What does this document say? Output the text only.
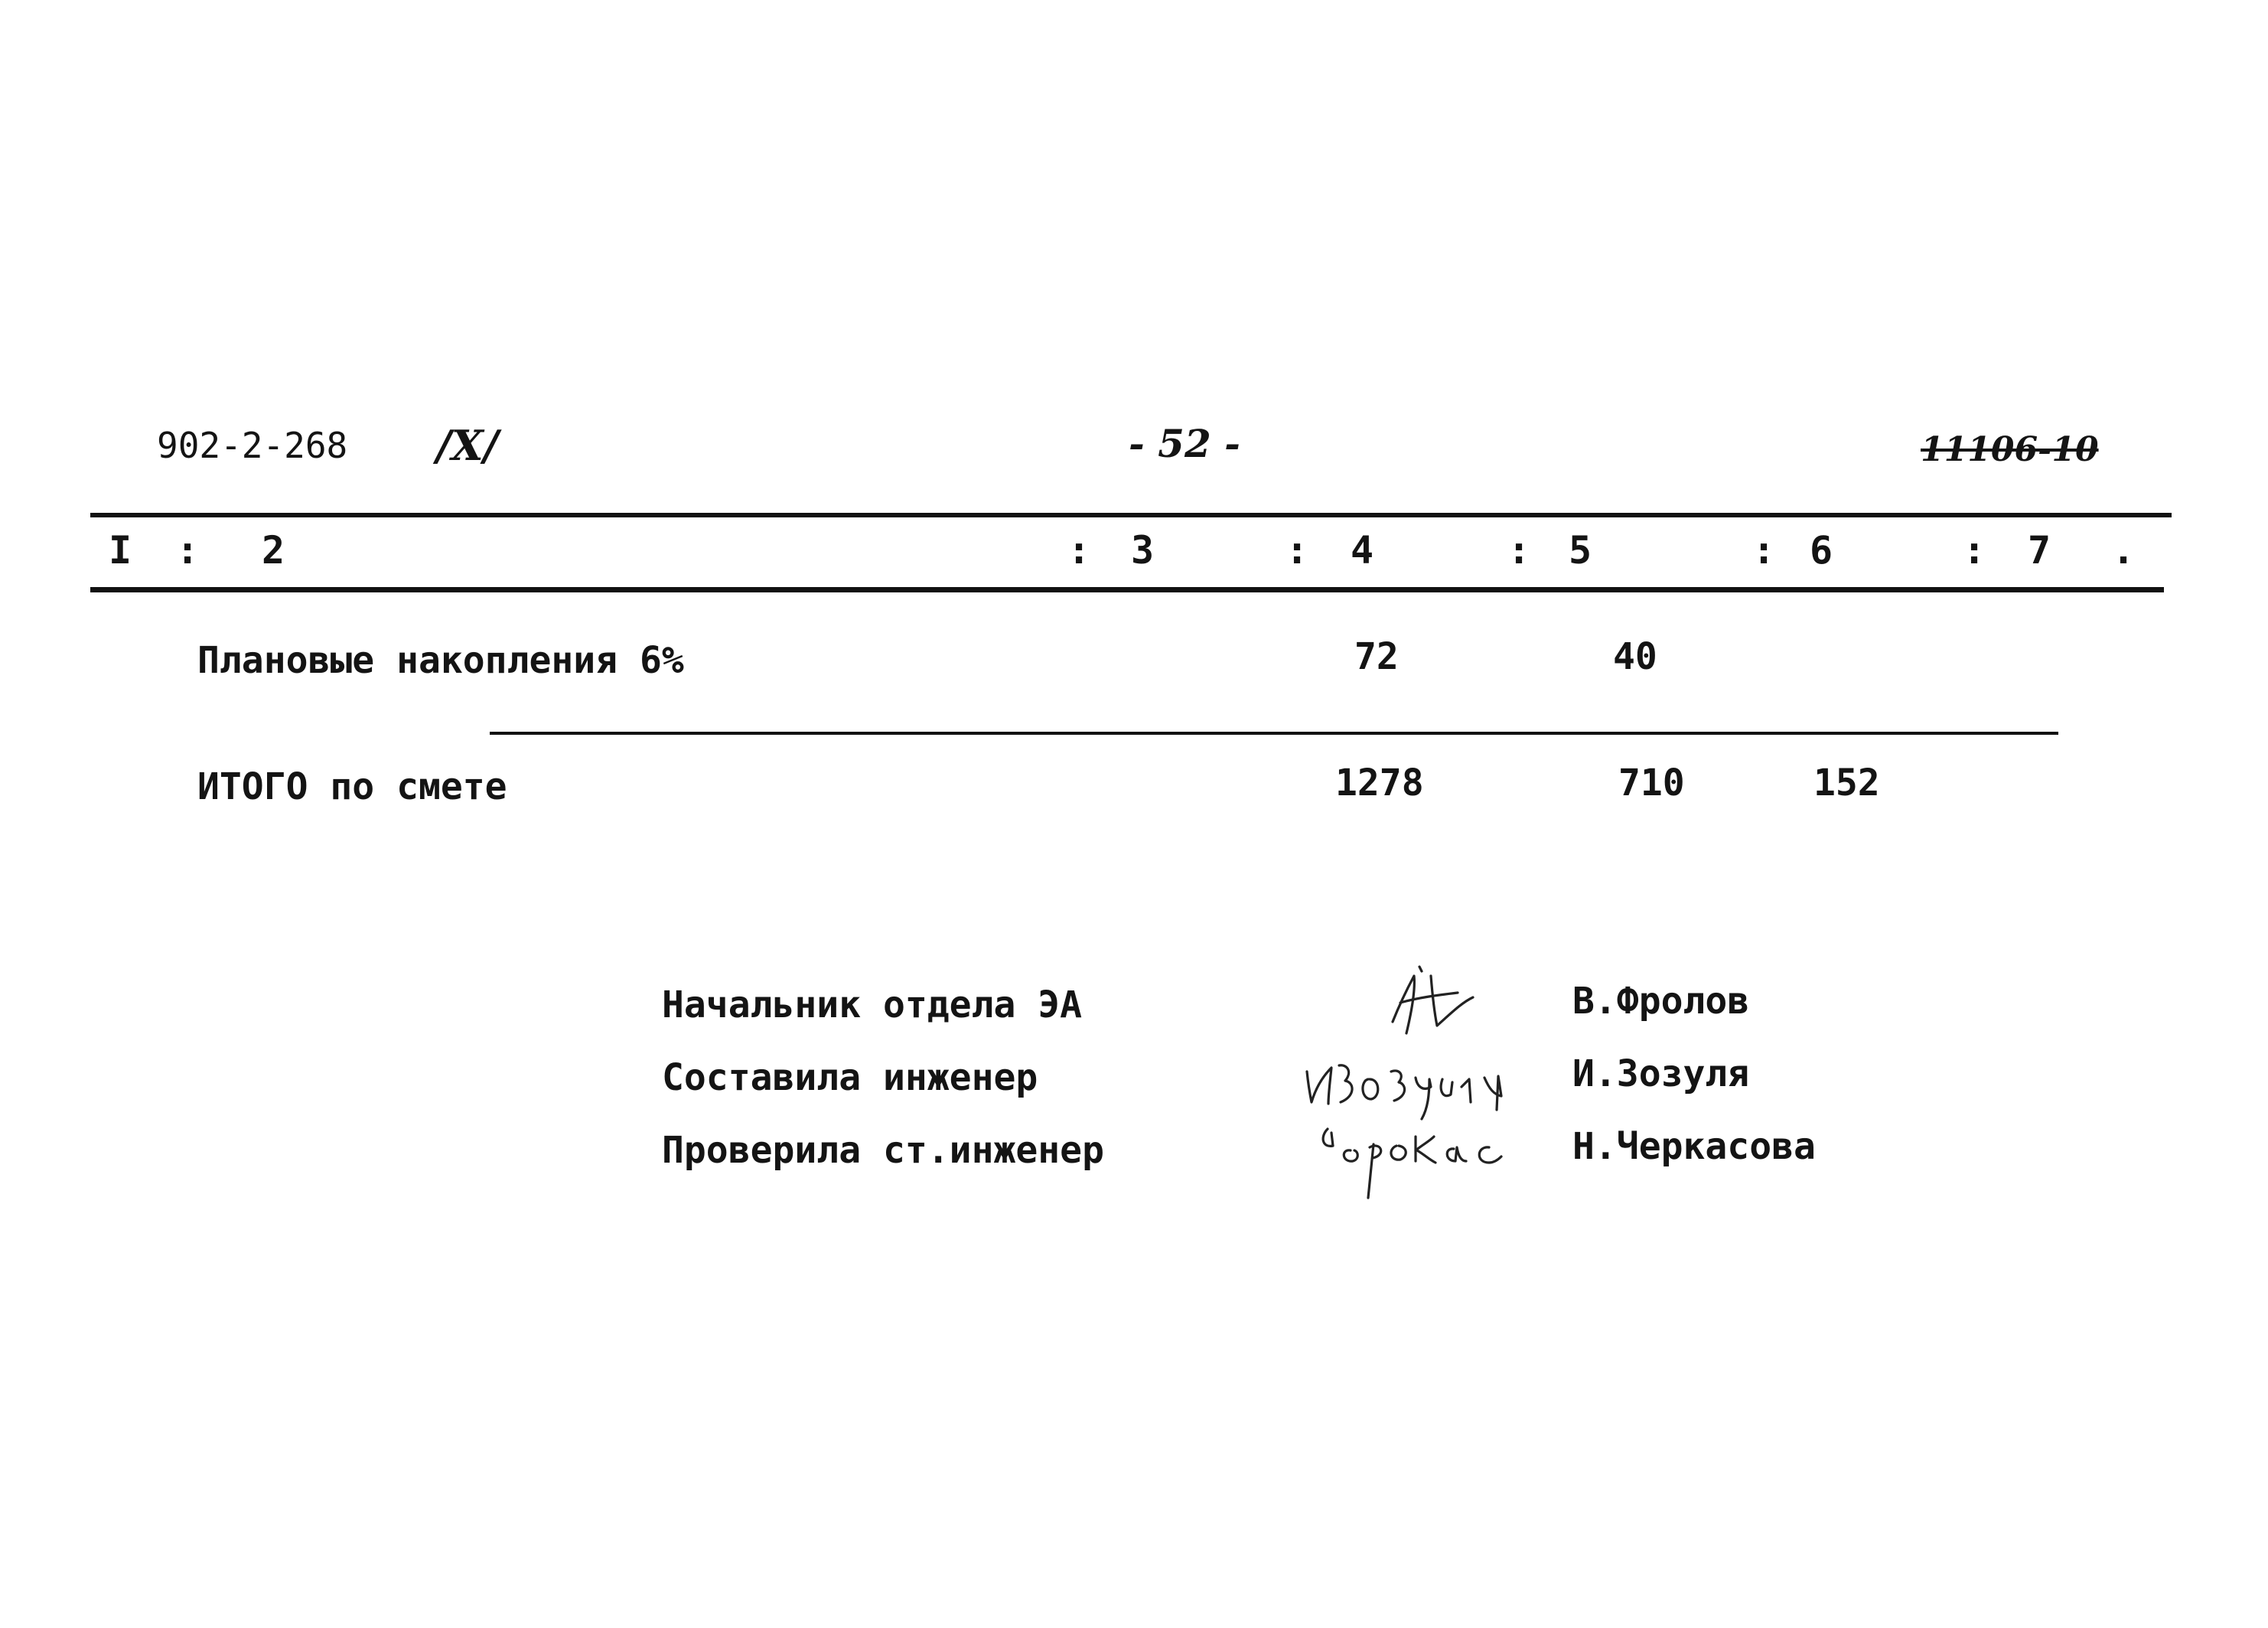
902-2-268 /X/	- 52 -	11106-10
I : 2	: 3	: 4	: 5	: 6	: 7 .
Плановые накопления 6%	72	40
ИТОГО по смете	1278	710	152
Начальник отдела ЭА	В.Фролов
Составила инженер	И.Зозуля
Проверила ст.инженер	Н.Черкасова
